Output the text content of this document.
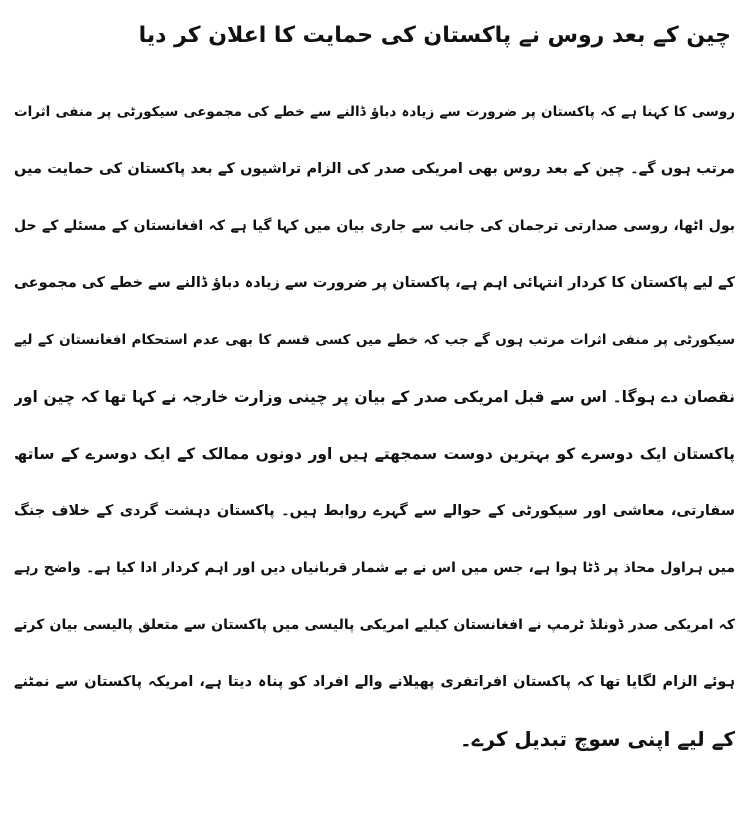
چین کے بعد روس نے پاکستان کی حمایت کا اعلان کر دیا
روسی کا کہنا ہے کہ پاکستان پر ضرورت سے زیادہ دباؤ ڈالنے سے خطے کی مجموعی سیکورٹی پر منفی اثرات
مرتب ہوں گے۔ چین کے بعد روس بھی امریکی صدر کی الزام تراشیوں کے بعد پاکستان کی حمایت میں
بول اٹھا، روسی صدارتی ترجمان کی جانب سے جاری بیان میں کہا گیا ہے کہ افغانستان کے مسئلے کے حل
کے لیے پاکستان کا کردار انتہائی اہم ہے، پاکستان پر ضرورت سے زیادہ دباؤ ڈالنے سے خطے کی مجموعی
سیکورٹی پر منفی اثرات مرتب ہوں گے جب کہ خطے میں کسی قسم کا بھی عدم استحکام افغانستان کے لیے
نقصان دے ہوگا۔ اس سے قبل امریکی صدر کے بیان پر چینی وزارت خارجہ نے کہا تھا کہ چین اور
پاکستان ایک دوسرے کو بہترین دوست سمجھتے ہیں اور دونوں ممالک کے ایک دوسرے کے ساتھ
سفارتی، معاشی اور سیکورٹی کے حوالے سے گہرے روابط ہیں۔ پاکستان دہشت گردی کے خلاف جنگ
میں ہراول محاذ پر ڈٹا ہوا ہے، جس میں اس نے بے شمار قربانیاں دیں اور اہم کردار ادا کیا ہے۔ واضح رہے
کہ امریکی صدر ڈونلڈ ٹرمپ نے افغانستان کیلیے امریکی پالیسی میں پاکستان سے متعلق پالیسی بیان کرتے
ہوئے الزام لگایا تھا کہ پاکستان افراتفری پھیلانے والے افراد کو پناہ دیتا ہے، امریکہ پاکستان سے نمٹنے
کے لیے اپنی سوچ تبدیل کرے۔
